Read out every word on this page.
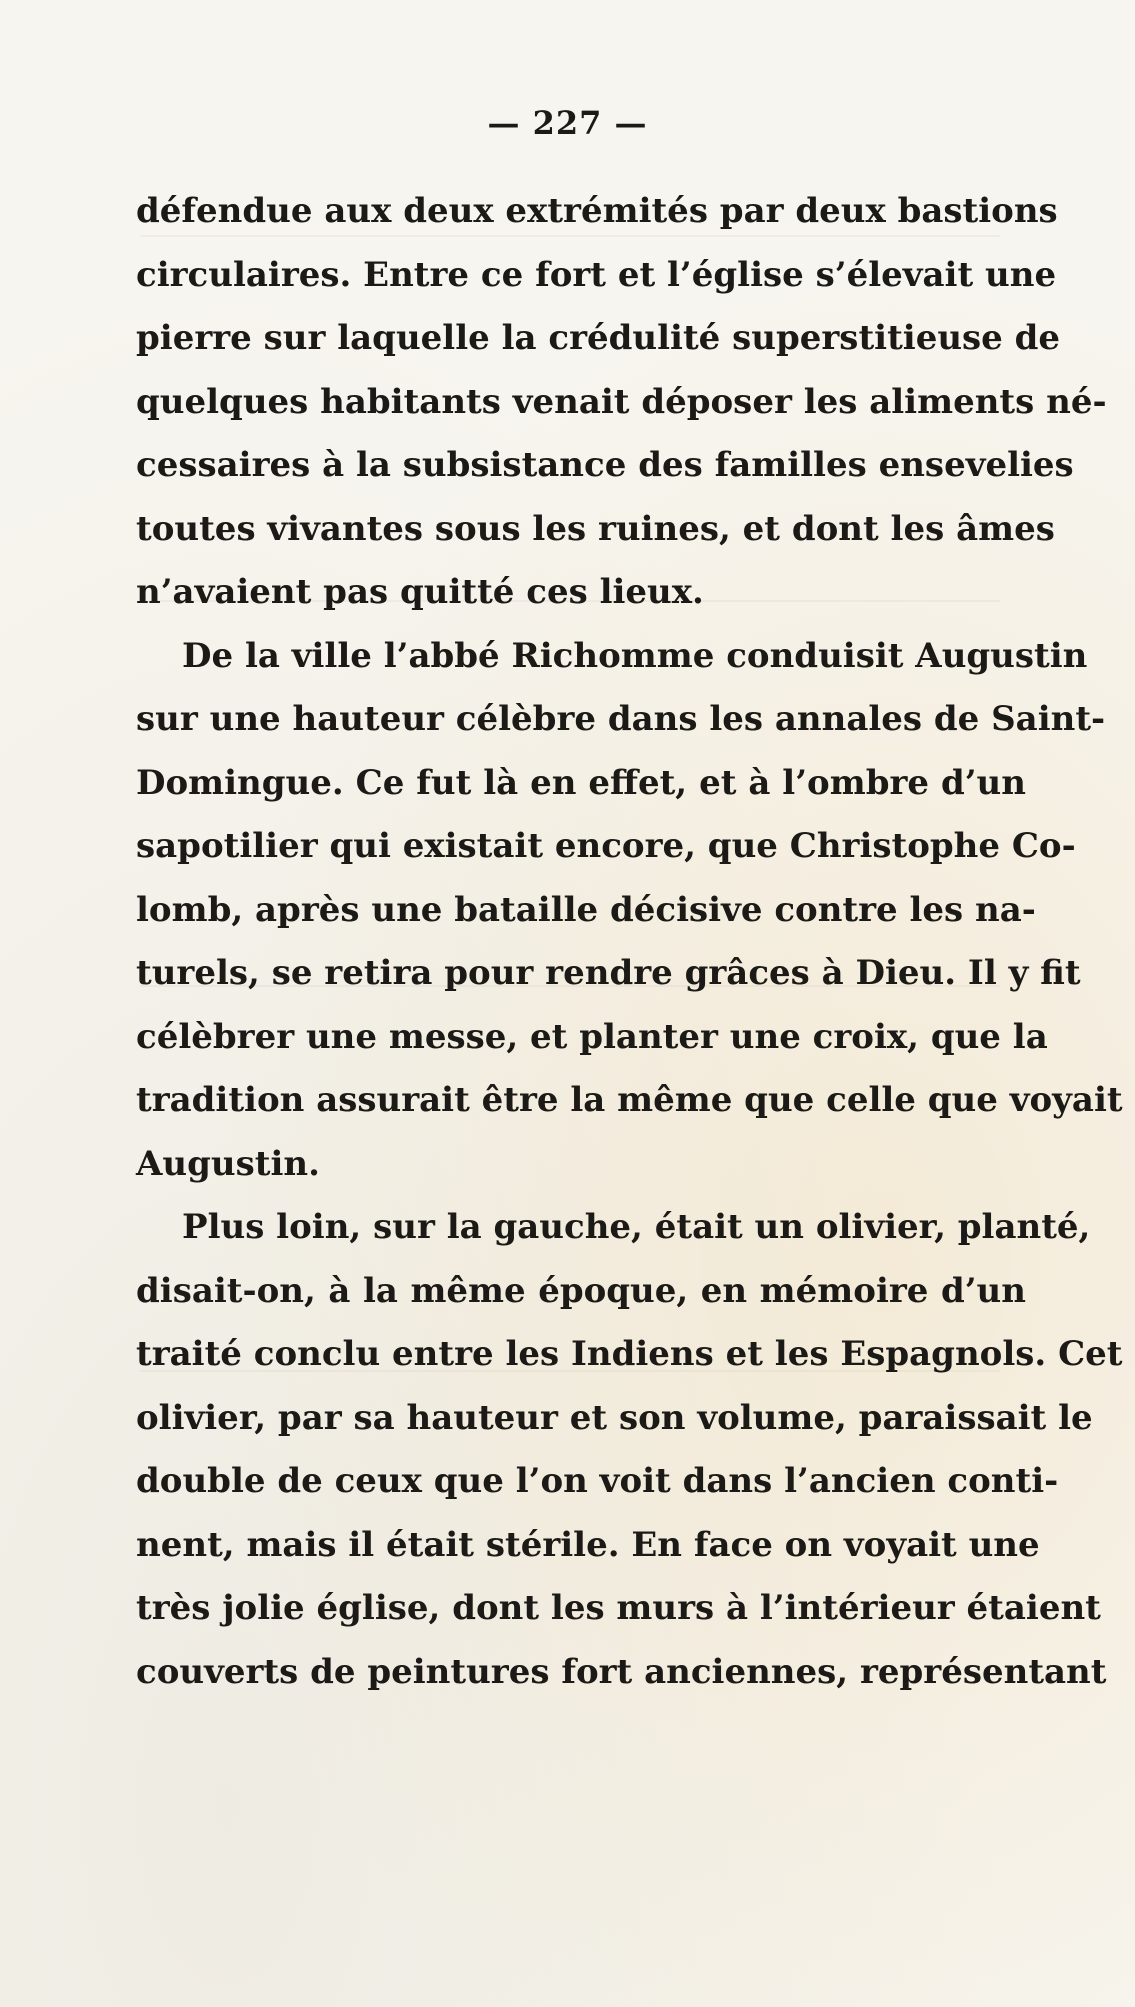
— 227 —

défendue aux deux extrémités par deux bastions
circulaires. Entre ce fort et l’église s’élevait une
pierre sur laquelle la crédulité superstitieuse de
quelques habitants venait déposer les aliments né-
cessaires à la subsistance des familles ensevelies
toutes vivantes sous les ruines, et dont les âmes
n’avaient pas quitté ces lieux.

De la ville l’abbé Richomme conduisit Augustin
sur une hauteur célèbre dans les annales de Saint-
Domingue. Ce fut là en effet, et à l’ombre d’un
sapotilier qui existait encore, que Christophe Co-
lomb, après une bataille décisive contre les na-
turels, se retira pour rendre grâces à Dieu. Il y fit
célèbrer une messe, et planter une croix, que la
tradition assurait être la même que celle que voyait
Augustin.

Plus loin, sur la gauche, était un olivier, planté,
disait-on, à la même époque, en mémoire d’un
traité conclu entre les Indiens et les Espagnols. Cet
olivier, par sa hauteur et son volume, paraissait le
double de ceux que l’on voit dans l’ancien conti-
nent, mais il était stérile. En face on voyait une
très jolie église, dont les murs à l’intérieur étaient
couverts de peintures fort anciennes, représentant
